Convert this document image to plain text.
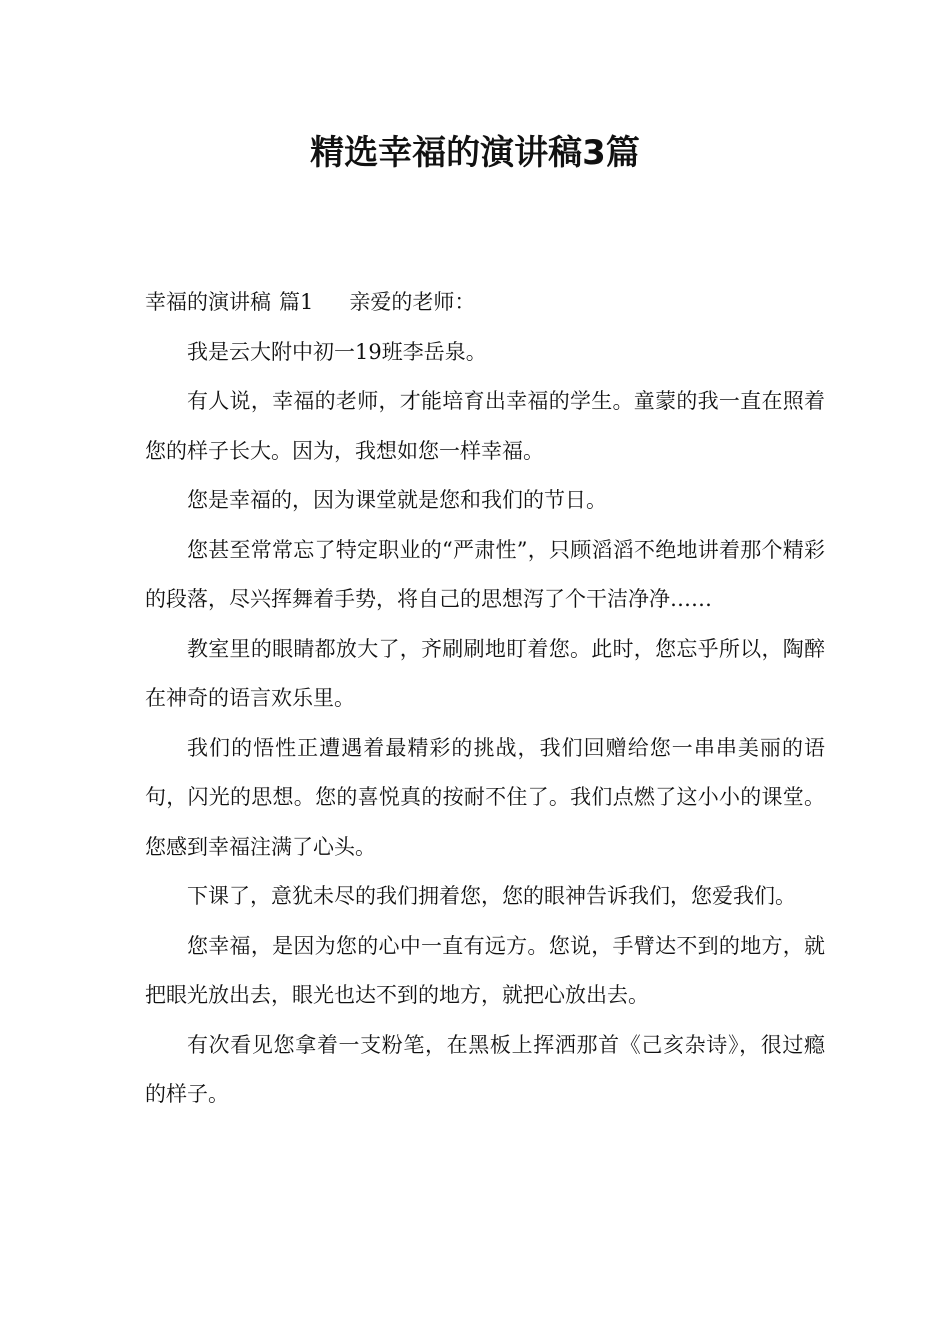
精选幸福的演讲稿3篇

幸福的演讲稿 篇1 亲爱的老师：

我是云大附中初一19班李岳泉。

有人说，幸福的老师，才能培育出幸福的学生。童蒙的我一直在照着您的样子长大。因为，我想如您一样幸福。

您是幸福的，因为课堂就是您和我们的节日。

您甚至常常忘了特定职业的“严肃性”，只顾滔滔不绝地讲着那个精彩的段落，尽兴挥舞着手势，将自己的思想泻了个干洁净净……

教室里的眼睛都放大了，齐刷刷地盯着您。此时，您忘乎所以，陶醉在神奇的语言欢乐里。

我们的悟性正遭遇着最精彩的挑战，我们回赠给您一串串美丽的语句，闪光的思想。您的喜悦真的按耐不住了。我们点燃了这小小的课堂。您感到幸福注满了心头。

下课了，意犹未尽的我们拥着您，您的眼神告诉我们，您爱我们。

您幸福，是因为您的心中一直有远方。您说，手臂达不到的地方，就把眼光放出去，眼光也达不到的地方，就把心放出去。

有次看见您拿着一支粉笔，在黑板上挥洒那首《己亥杂诗》，很过瘾的样子。
